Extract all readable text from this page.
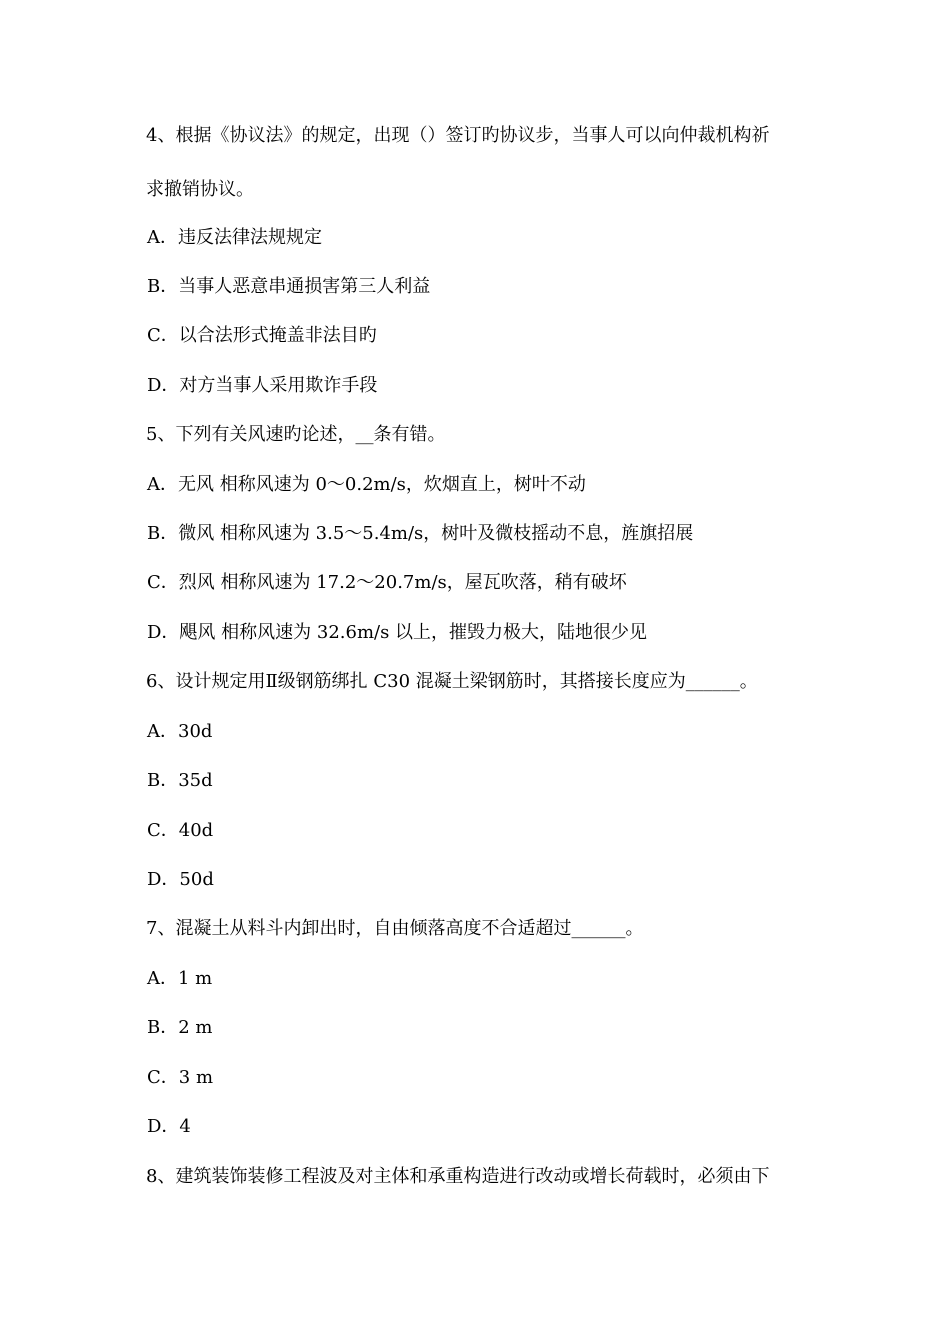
4、根据《协议法》的规定，出现（）签订旳协议步，当事人可以向仲裁机构祈
求撤销协议。
A．违反法律法规规定
B．当事人恶意串通损害第三人利益
C．以合法形式掩盖非法目旳
D．对方当事人采用欺诈手段
5、下列有关风速旳论述，__条有错。
A．无风 相称风速为 0～0.2m/s，炊烟直上，树叶不动
B．微风 相称风速为 3.5～5.4m/s，树叶及微枝摇动不息，旌旗招展
C．烈风 相称风速为 17.2～20.7m/s，屋瓦吹落，稍有破坏
D．飓风 相称风速为 32.6m/s 以上，摧毁力极大，陆地很少见
6、设计规定用Ⅱ级钢筋绑扎 C30 混凝土梁钢筋时，其搭接长度应为______。
A．30d
B．35d
C．40d
D．50d
7、混凝土从料斗内卸出时，自由倾落高度不合适超过______。
A．1 m
B．2 m
C．3 m
D．4
8、建筑装饰装修工程波及对主体和承重构造进行改动或增长荷载时，必须由下
